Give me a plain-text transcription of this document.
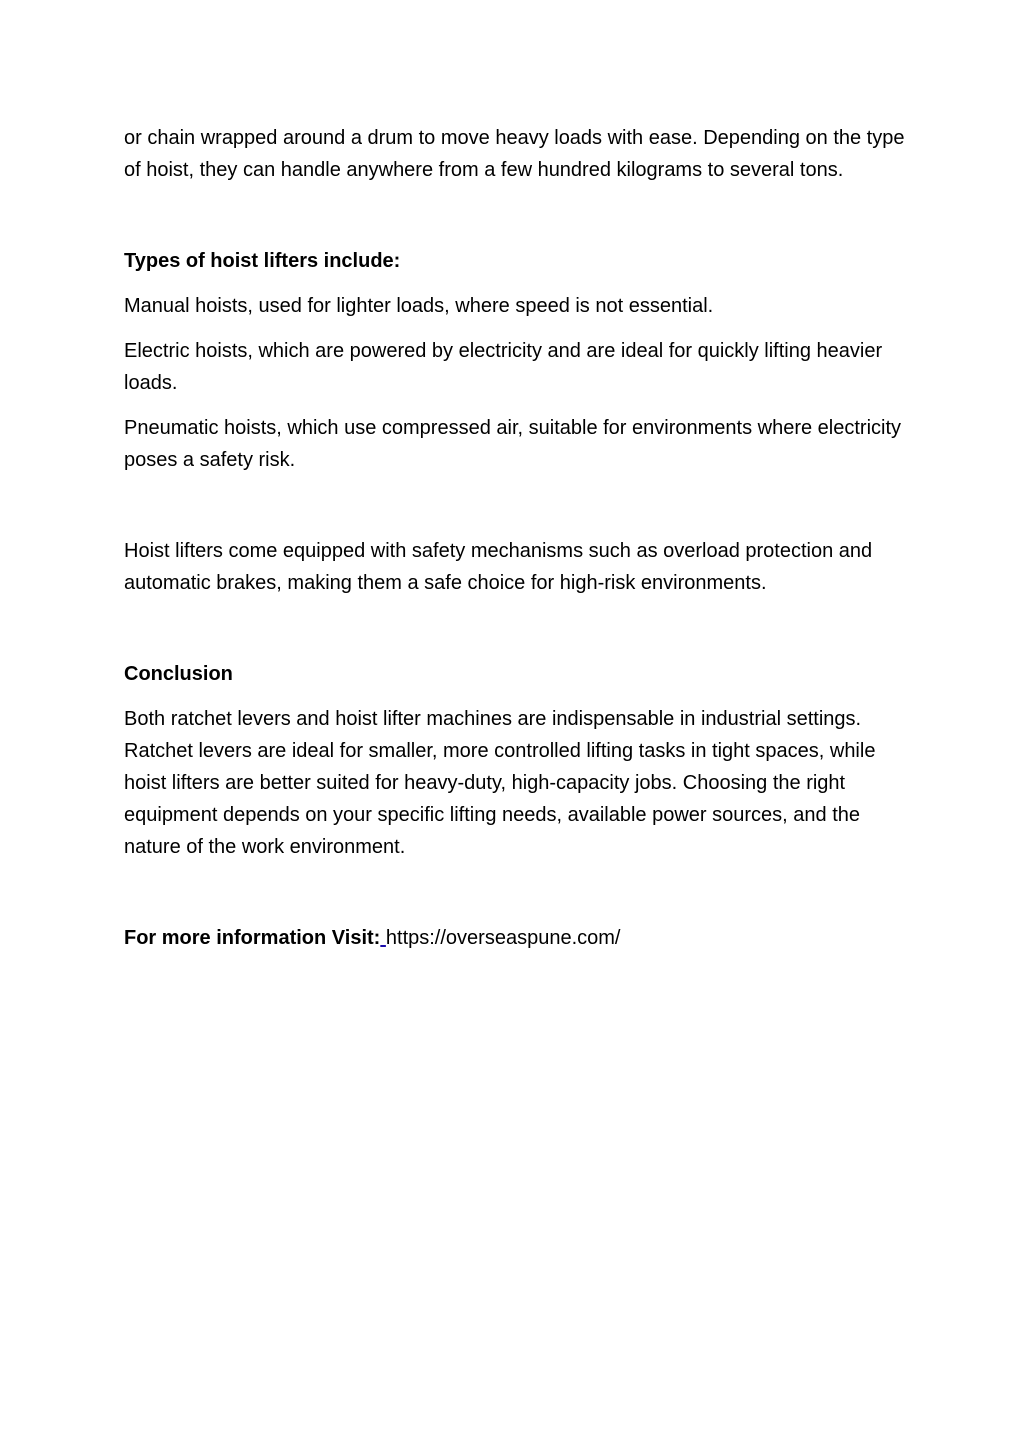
or chain wrapped around a drum to move heavy loads with ease. Depending on the type of hoist, they can handle anywhere from a few hundred kilograms to several tons.

Types of hoist lifters include:

Manual hoists, used for lighter loads, where speed is not essential.

Electric hoists, which are powered by electricity and are ideal for quickly lifting heavier loads.

Pneumatic hoists, which use compressed air, suitable for environments where electricity poses a safety risk.

Hoist lifters come equipped with safety mechanisms such as overload protection and automatic brakes, making them a safe choice for high-risk environments.

Conclusion

Both ratchet levers and hoist lifter machines are indispensable in industrial settings. Ratchet levers are ideal for smaller, more controlled lifting tasks in tight spaces, while hoist lifters are better suited for heavy-duty, high-capacity jobs. Choosing the right equipment depends on your specific lifting needs, available power sources, and the nature of the work environment.

For more information Visit: https://overseaspune.com/
